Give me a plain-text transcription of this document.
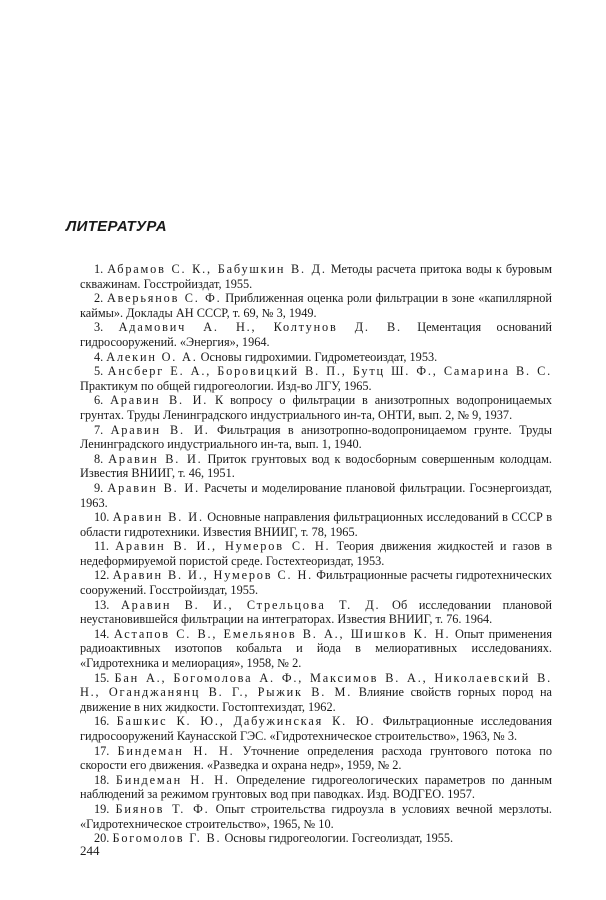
ЛИТЕРАТУРА

1. Абрамов С. К., Бабушкин В. Д. Методы расчета притока воды к буровым скважинам. Госстройиздат, 1955.

2. Аверьянов С. Ф. Приближенная оценка роли фильтрации в зоне «капиллярной каймы». Доклады АН СССР, т. 69, № 3, 1949.

3. Адамович А. Н., Колтунов Д. В. Цементация оснований гидросооружений. «Энергия», 1964.

4. Алекин О. А. Основы гидрохимии. Гидрометеоиздат, 1953.

5. Ансберг Е. А., Боровицкий В. П., Бутц Ш. Ф., Самарина В. С. Практикум по общей гидрогеологии. Изд-во ЛГУ, 1965.

6. Аравин В. И. К вопросу о фильтрации в анизотропных водопроницаемых грунтах. Труды Ленинградского индустриального ин-та, ОНТИ, вып. 2, № 9, 1937.

7. Аравин В. И. Фильтрация в анизотропно-водопроницаемом грунте. Труды Ленинградского индустриального ин-та, вып. 1, 1940.

8. Аравин В. И. Приток грунтовых вод к водосборным совершенным колодцам. Известия ВНИИГ, т. 46, 1951.

9. Аравин В. И. Расчеты и моделирование плановой фильтрации. Госэнергоиздат, 1963.

10. Аравин В. И. Основные направления фильтрационных исследований в СССР в области гидротехники. Известия ВНИИГ, т. 78, 1965.

11. Аравин В. И., Нумеров С. Н. Теория движения жидкостей и газов в недеформируемой пористой среде. Гостехтеориздат, 1953.

12. Аравин В. И., Нумеров С. Н. Фильтрационные расчеты гидротехнических сооружений. Госстройиздат, 1955.

13. Аравин В. И., Стрельцова Т. Д. Об исследовании плановой неустановившейся фильтрации на интеграторах. Известия ВНИИГ, т. 76. 1964.

14. Астапов С. В., Емельянов В. А., Шишков К. Н. Опыт применения радиоактивных изотопов кобальта и йода в мелиоративных исследованиях. «Гидротехника и мелиорация», 1958, № 2.

15. Бан А., Богомолова А. Ф., Максимов В. А., Николаевский В. Н., Оганджанянц В. Г., Рыжик В. М. Влияние свойств горных пород на движение в них жидкости. Гостоптехиздат, 1962.

16. Башкис К. Ю., Дабужинская К. Ю. Фильтрационные исследования гидросооружений Каунасской ГЭС. «Гидротехническое строительство», 1963, № 3.

17. Биндеман Н. Н. Уточнение определения расхода грунтового потока по скорости его движения. «Разведка и охрана недр», 1959, № 2.

18. Биндеман Н. Н. Определение гидрогеологических параметров по данным наблюдений за режимом грунтовых вод при паводках. Изд. ВОДГЕО. 1957.

19. Биянов Т. Ф. Опыт строительства гидроузла в условиях вечной мерзлоты. «Гидротехническое строительство», 1965, № 10.

20. Богомолов Г. В. Основы гидрогеологии. Госгеолиздат, 1955.

244
